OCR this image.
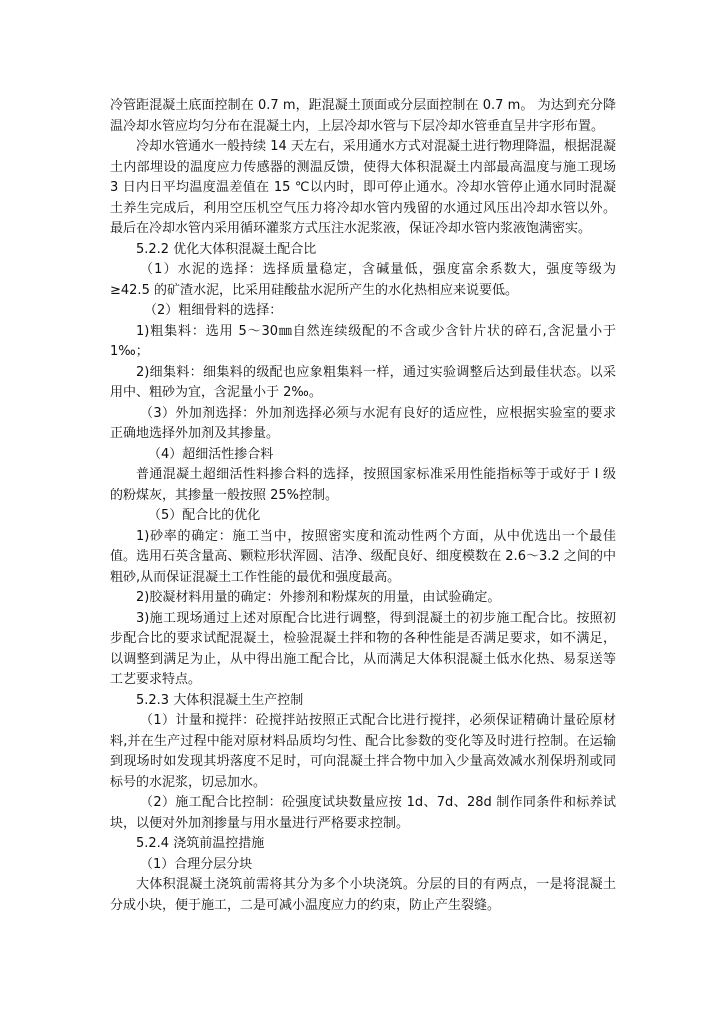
冷管距混凝土底面控制在 0.7 m，距混凝土顶面或分层面控制在 0.7 m。 为达到充分降温冷却水管应均匀分布在混凝土内，上层冷却水管与下层冷却水管垂直呈井字形布置。

冷却水管通水一般持续 14 天左右，采用通水方式对混凝土进行物理降温，根据混凝土内部埋设的温度应力传感器的测温反馈，使得大体积混凝土内部最高温度与施工现场 3 日内日平均温度温差值在 15 ℃以内时，即可停止通水。冷却水管停止通水同时混凝土养生完成后，利用空压机空气压力将冷却水管内残留的水通过风压出冷却水管以外。最后在冷却水管内采用循环灌浆方式压注水泥浆液，保证冷却水管内浆液饱满密实。

5.2.2 优化大体积混凝土配合比

（1）水泥的选择：选择质量稳定，含碱量低，强度富余系数大，强度等级为≥42.5 的矿渣水泥，比采用硅酸盐水泥所产生的水化热相应来说要低。

（2）粗细骨料的选择：

1)粗集料：选用 5～30㎜自然连续级配的不含或少含针片状的碎石,含泥量小于 1‰；

2)细集料：细集料的级配也应象粗集料一样，通过实验调整后达到最佳状态。以采用中、粗砂为宜，含泥量小于 2‰。

（3）外加剂选择：外加剂选择必须与水泥有良好的适应性，应根据实验室的要求正确地选择外加剂及其掺量。

（4）超细活性掺合料

普通混凝土超细活性料掺合料的选择，按照国家标准采用性能指标等于或好于 I 级的粉煤灰，其掺量一般按照 25%控制。

（5）配合比的优化

1)砂率的确定：施工当中，按照密实度和流动性两个方面，从中优选出一个最佳值。选用石英含量高、颗粒形状浑圆、洁净、级配良好、细度模数在 2.6～3.2 之间的中粗砂,从而保证混凝土工作性能的最优和强度最高。

2)胶凝材料用量的确定：外掺剂和粉煤灰的用量，由试验确定。

3)施工现场通过上述对原配合比进行调整，得到混凝土的初步施工配合比。按照初步配合比的要求试配混凝土，检验混凝土拌和物的各种性能是否满足要求，如不满足，以调整到满足为止，从中得出施工配合比，从而满足大体积混凝土低水化热、易泵送等工艺要求特点。

5.2.3 大体积混凝土生产控制

（1）计量和搅拌：砼搅拌站按照正式配合比进行搅拌，必须保证精确计量砼原材料,并在生产过程中能对原材料品质均匀性、配合比参数的变化等及时进行控制。在运输到现场时如发现其坍落度不足时，可向混凝土拌合物中加入少量高效减水剂保坍剂或同标号的水泥浆，切忌加水。

（2）施工配合比控制：砼强度试块数量应按 1d、7d、28d 制作同条件和标养试块，以便对外加剂掺量与用水量进行严格要求控制。

5.2.4 浇筑前温控措施

（1）合理分层分块

大体积混凝土浇筑前需将其分为多个小块浇筑。分层的目的有两点，一是将混凝土分成小块，便于施工，二是可减小温度应力的约束，防止产生裂缝。
